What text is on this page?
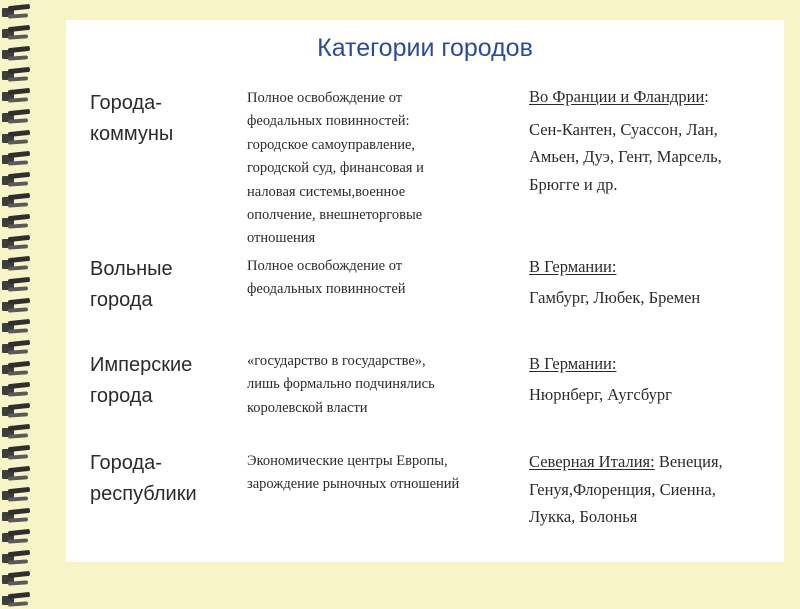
Категории городов
Города-
коммуны
Полное освобождение от
феодальных повинностей:
городское самоуправление,
городской суд, финансовая и
наловая системы,военное
ополчение, внешнеторговые
отношения
Во Франции и Фландрии:
Сен-Кантен, Суассон, Лан,
Амьен, Дуэ, Гент, Марсель,
Брюгге и др.
Вольные
города
Полное освобождение от
феодальных повинностей
В Германии:
Гамбург, Любек, Бремен
Имперские
города
«государство в государстве»,
лишь формально подчинялись
королевской власти
В Германии:
Нюрнберг, Аугсбург
Города-
республики
Экономические центры Европы,
зарождение рыночных отношений
Северная Италия: Венеция,
Генуя,Флоренция, Сиенна,
Лукка, Болонья
